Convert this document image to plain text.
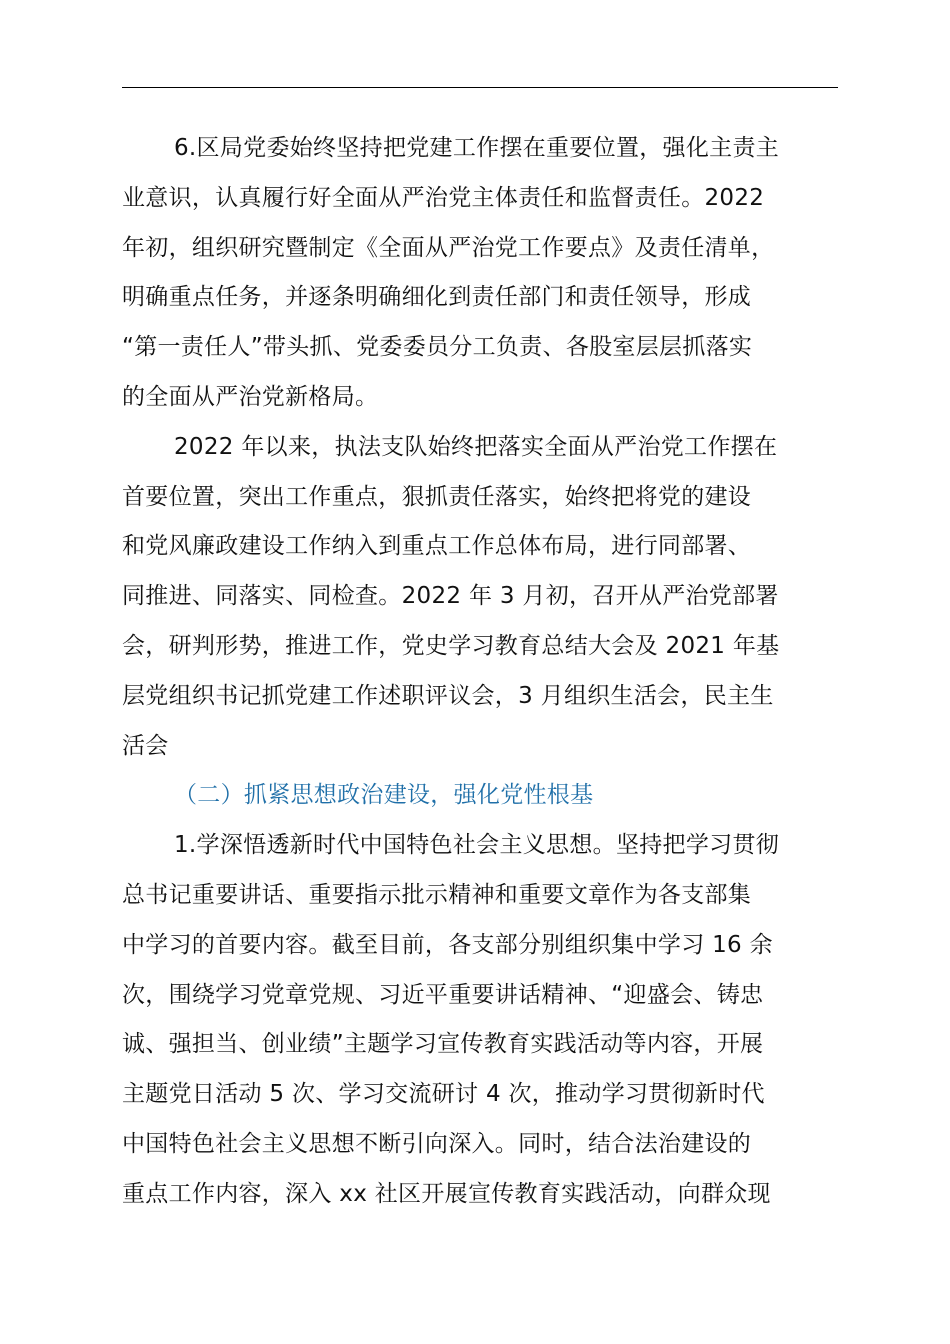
6.区局党委始终坚持把党建工作摆在重要位置，强化主责主
业意识，认真履行好全面从严治党主体责任和监督责任。2022
年初，组织研究暨制定《全面从严治党工作要点》及责任清单，
明确重点任务，并逐条明确细化到责任部门和责任领导，形成
“第一责任人”带头抓、党委委员分工负责、各股室层层抓落实
的全面从严治党新格局。
2022 年以来，执法支队始终把落实全面从严治党工作摆在
首要位置，突出工作重点，狠抓责任落实，始终把将党的建设
和党风廉政建设工作纳入到重点工作总体布局，进行同部署、
同推进、同落实、同检查。2022 年 3 月初，召开从严治党部署
会，研判形势，推进工作，党史学习教育总结大会及 2021 年基
层党组织书记抓党建工作述职评议会，3 月组织生活会，民主生
活会
（二）抓紧思想政治建设，强化党性根基
1.学深悟透新时代中国特色社会主义思想。坚持把学习贯彻
总书记重要讲话、重要指示批示精神和重要文章作为各支部集
中学习的首要内容。截至目前，各支部分别组织集中学习 16 余
次，围绕学习党章党规、习近平重要讲话精神、“迎盛会、铸忠
诚、强担当、创业绩”主题学习宣传教育实践活动等内容，开展
主题党日活动 5 次、学习交流研讨 4 次，推动学习贯彻新时代
中国特色社会主义思想不断引向深入。同时，结合法治建设的
重点工作内容，深入 xx 社区开展宣传教育实践活动，向群众现
